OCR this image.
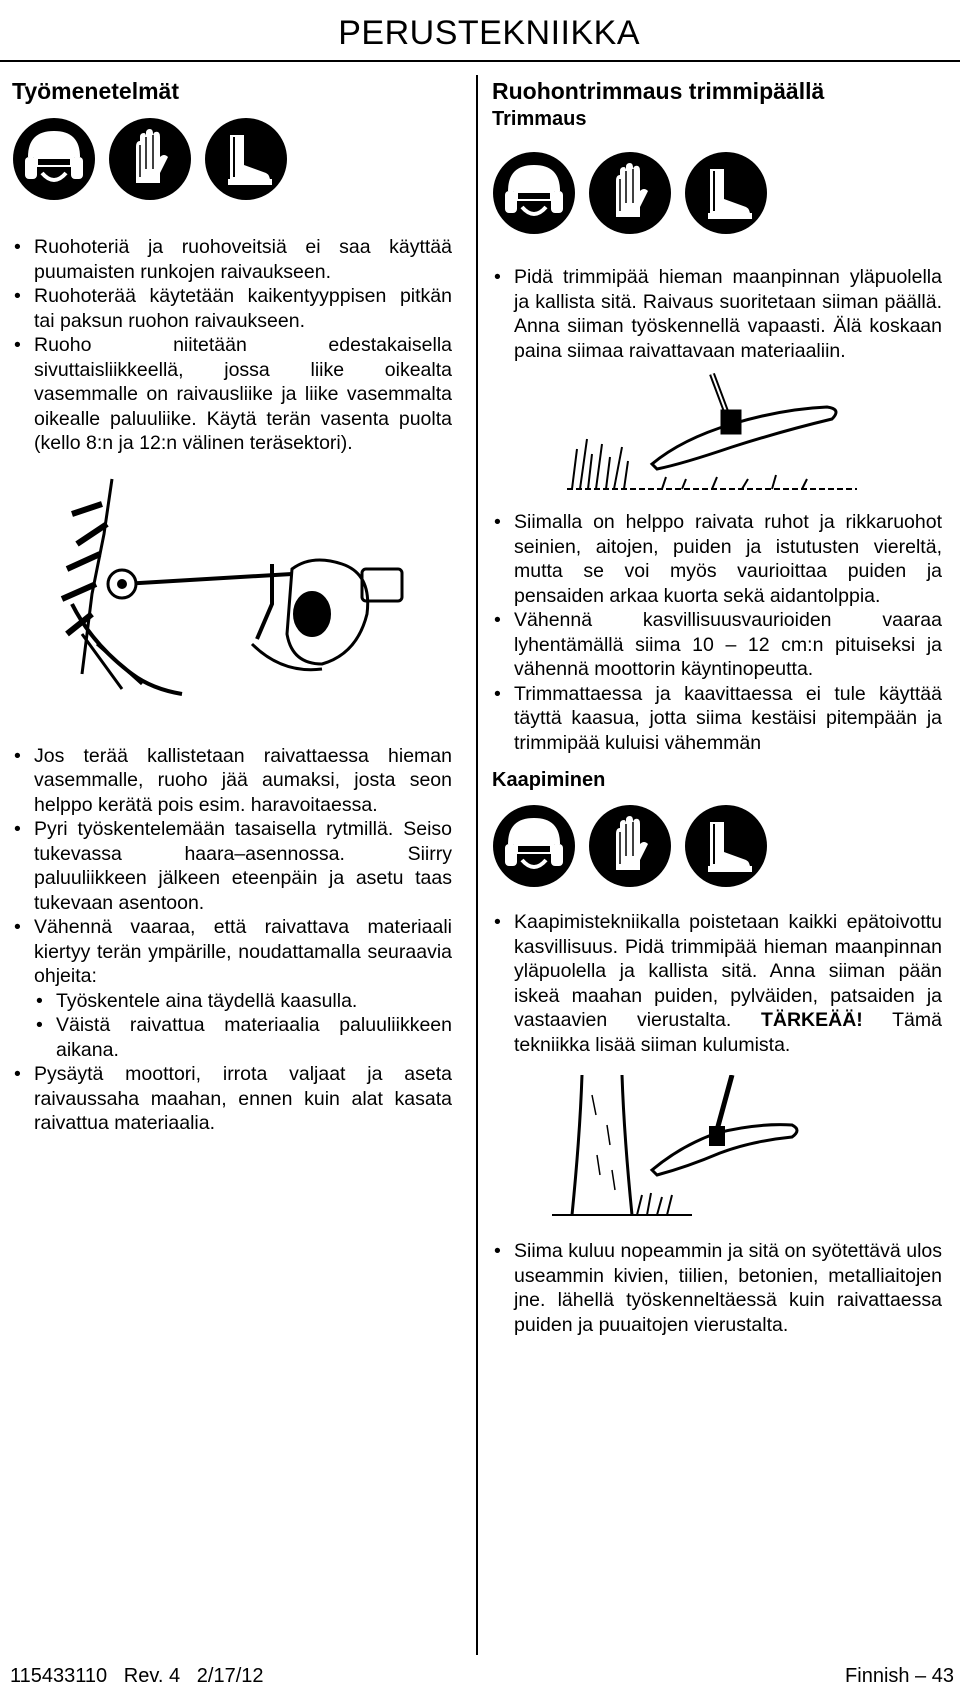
PERUSTEKNIIKKA
Työmenetelmät
• Ruohoteriä ja ruohoveitsiä ei saa käyttää puumaisten runkojen raivaukseen.
• Ruohoterää käytetään kaikentyyppisen pitkän tai paksun ruohon raivaukseen.
• Ruoho niitetään edestakaisella sivuttaisliikkeellä, jossa liike oikealta vasemmalle on raivausliike ja liike vasemmalta oikealle paluuliike. Käytä terän vasenta puolta (kello 8:n ja 12:n välinen teräsektori).
• Jos terää kallistetaan raivattaessa hieman vasemmalle, ruoho jää aumaksi, josta seon helppo kerätä pois esim. haravoitaessa.
• Pyri työskentelemään tasaisella rytmillä. Seiso tukevassa haara–asennossa. Siirry paluuliikkeen jälkeen eteenpäin ja asetu taas tukevaan asentoon.
• Vähennä vaaraa, että raivattava materiaali kiertyy terän ympärille, noudattamalla seuraavia ohjeita:
• Työskentele aina täydellä kaasulla.
• Väistä raivattua materiaalia paluuliikkeen aikana.
• Pysäytä moottori, irrota valjaat ja aseta raivaussaha maahan, ennen kuin alat kasata raivattua materiaalia.
Ruohontrimmaus trimmipäällä
Trimmaus
• Pidä trimmipää hieman maanpinnan yläpuolella ja kallista sitä. Raivaus suoritetaan siiman päällä. Anna siiman työskennellä vapaasti. Älä koskaan paina siimaa raivattavaan materiaaliin.
• Siimalla on helppo raivata ruhot ja rikkaruohot seinien, aitojen, puiden ja istutusten viereltä, mutta se voi myös vaurioittaa puiden ja pensaiden arkaa kuorta sekä aidantolppia.
• Vähennä kasvillisuusvaurioiden vaaraa lyhentämällä siima 10 – 12 cm:n pituiseksi ja vähennä moottorin käyntinopeutta.
• Trimmattaessa ja kaavittaessa ei tule käyttää täyttä kaasua, jotta siima kestäisi pitempään ja trimmipää kuluisi vähemmän
Kaapiminen
• Kaapimistekniikalla poistetaan kaikki epätoivottu kasvillisuus. Pidä trimmipää hieman maanpinnan yläpuolella ja kallista sitä. Anna siiman pään iskeä maahan puiden, pylväiden, patsaiden ja vastaavien vierustalta. TÄRKEÄÄ! Tämä tekniikka lisää siiman kulumista.
• Siima kuluu nopeammin ja sitä on syötettävä ulos useammin kivien, tiilien, betonien, metalliaitojen jne. lähellä työskenneltäessä kuin raivattaessa puiden ja puuaitojen vierustalta.
115433110   Rev. 4   2/17/12	Finnish – 43
